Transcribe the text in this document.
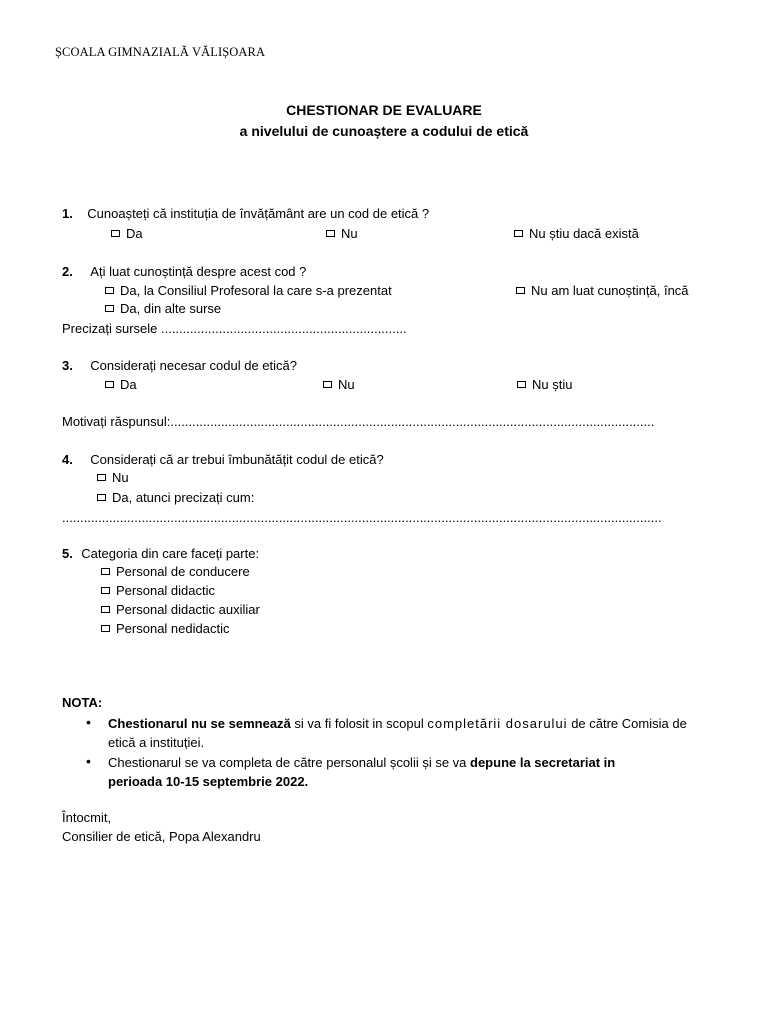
ȘCOALA GIMNAZIALĂ VĂLIȘOARA
CHESTIONAR DE EVALUARE
a nivelului de cunoaștere a codului de etică
1. Cunoașteți că instituția de învățământ are un cod de etică ?
Da	Nu	Nu știu dacă există
2. Ați luat cunoștință despre acest cod ?
Da, la Consiliul Profesoral la care s-a prezentat	Nu am luat cunoștință, încă
Da, din alte surse
Precizați sursele ....................................................................
3. Considerați necesar codul de etică?
Da	Nu	Nu știu
Motivați răspunsul:......................................................................................................................................
4. Considerați că ar trebui îmbunătățit codul de etică?
Nu
Da, atunci precizați cum:
......................................................................................................................................................................
5. Categoria din care faceți parte:
Personal de conducere
Personal didactic
Personal didactic auxiliar
Personal nedidactic
NOTA:
• Chestionarul nu se semnează si va fi folosit in scopul completării dosarului de către Comisia de etică a instituției.
• Chestionarul se va completa de către personalul școlii și se va depune la secretariat in perioada 10-15 septembrie 2022.
Întocmit,
Consilier de etică, Popa Alexandru
